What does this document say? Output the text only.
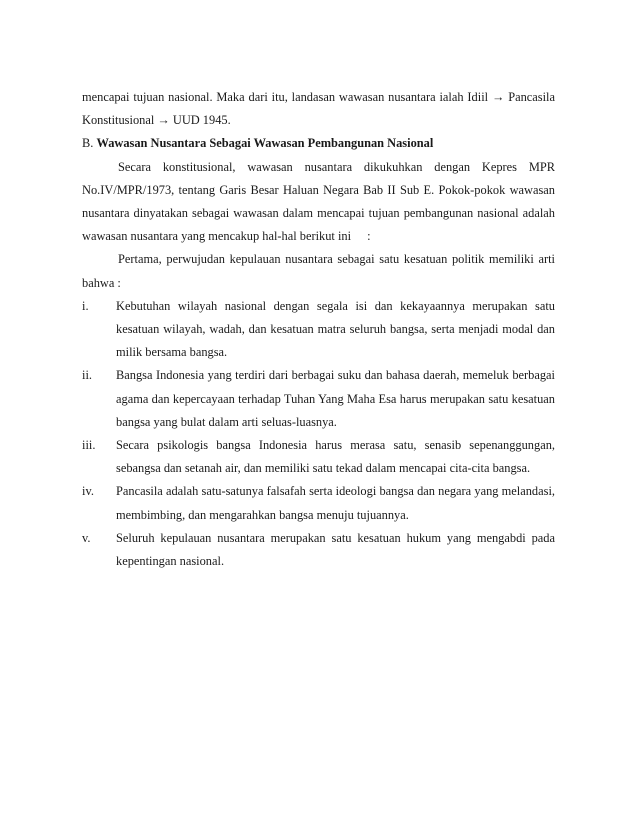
mencapai tujuan nasional. Maka dari itu, landasan wawasan nusantara ialah Idiil → Pancasila Konstitusional → UUD 1945.

B. Wawasan Nusantara Sebagai Wawasan Pembangunan Nasional

Secara konstitusional, wawasan nusantara dikukuhkan dengan Kepres MPR No.IV/MPR/1973, tentang Garis Besar Haluan Negara Bab II Sub E. Pokok-pokok wawasan nusantara dinyatakan sebagai wawasan dalam mencapai tujuan pembangunan nasional adalah wawasan nusantara yang mencakup hal-hal berikut ini :

Pertama, perwujudan kepulauan nusantara sebagai satu kesatuan politik memiliki arti bahwa :

i.	Kebutuhan wilayah nasional dengan segala isi dan kekayaannya merupakan satu kesatuan wilayah, wadah, dan kesatuan matra seluruh bangsa, serta menjadi modal dan milik bersama bangsa.
ii.	Bangsa Indonesia yang terdiri dari berbagai suku dan bahasa daerah, memeluk berbagai agama dan kepercayaan terhadap Tuhan Yang Maha Esa harus merupakan satu kesatuan bangsa yang bulat dalam arti seluas-luasnya.
iii.	Secara psikologis bangsa Indonesia harus merasa satu, senasib sepenanggungan, sebangsa dan setanah air, dan memiliki satu tekad dalam mencapai cita-cita bangsa.
iv.	Pancasila adalah satu-satunya falsafah serta ideologi bangsa dan negara yang melandasi, membimbing, dan mengarahkan bangsa menuju tujuannya.
v.	Seluruh kepulauan nusantara merupakan satu kesatuan hukum yang mengabdi pada kepentingan nasional.
